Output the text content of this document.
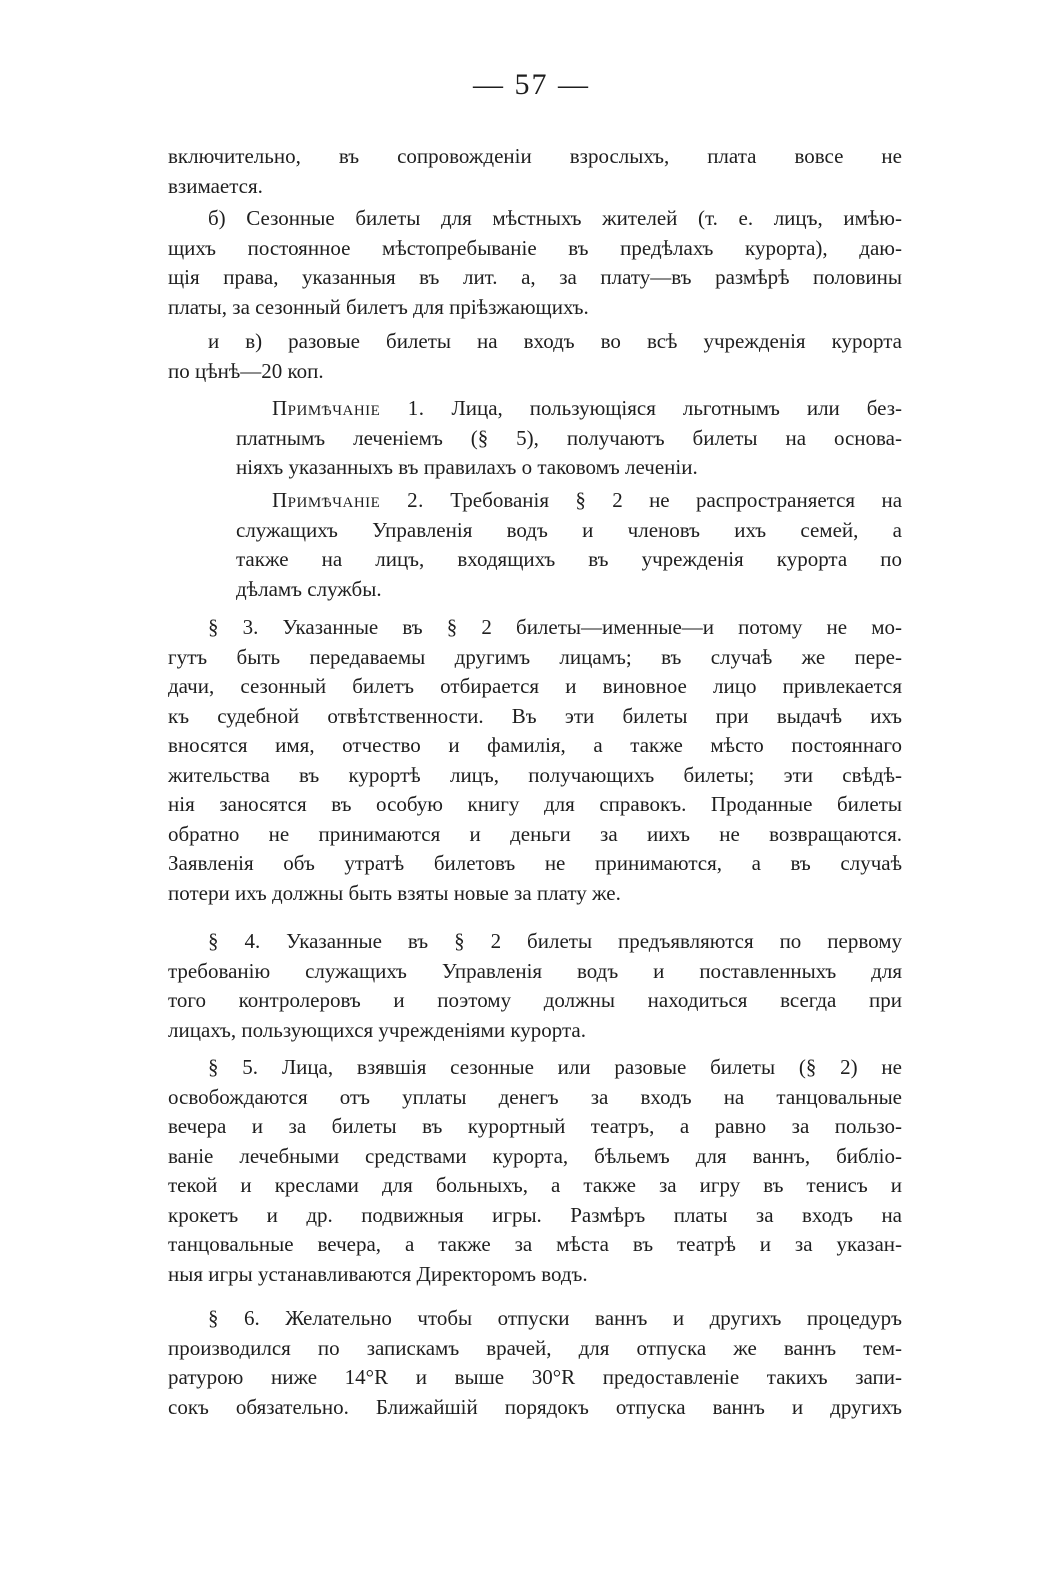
— 57 —
включительно, въ сопровожденіи взрослыхъ, плата вовсе не
взимается.
б) Сезонные билеты для мѣстныхъ жителей (т. е. лицъ, имѣю-
щихъ постоянное мѣстопребываніе въ предѣлахъ курорта), даю-
щія права, указанныя въ лит. а, за плату—въ размѣрѣ половины
платы, за сезонный билетъ для пріѣзжающихъ.
и в) разовые билеты на входъ во всѣ учрежденія курорта
по цѣнѣ—20 коп.
Примѣчаніе 1. Лица, пользующіяся льготнымъ или без-
платнымъ леченіемъ (§ 5), получаютъ билеты на основа-
ніяхъ указанныхъ въ правилахъ о таковомъ леченіи.
Примѣчаніе 2. Требованія § 2 не распространяется на
служащихъ Управленія водъ и членовъ ихъ семей, а
также на лицъ, входящихъ въ учрежденія курорта по
дѣламъ службы.
§ 3. Указанные въ § 2 билеты—именные—и потому не мо-
гутъ быть передаваемы другимъ лицамъ; въ случаѣ же пере-
дачи, сезонный билетъ отбирается и виновное лицо привлекается
къ судебной отвѣтственности. Въ эти билеты при выдачѣ ихъ
вносятся имя, отчество и фамилія, а также мѣсто постояннаго
жительства въ курортѣ лицъ, получающихъ билеты; эти свѣдѣ-
нія заносятся въ особую книгу для справокъ. Проданные билеты
обратно не принимаются и деньги за иихъ не возвращаются.
Заявленія объ утратѣ билетовъ не принимаются, а въ случаѣ
потери ихъ должны быть взяты новые за плату же.
§ 4. Указанные въ § 2 билеты предъявляются по первому
требованію служащихъ Управленія водъ и поставленныхъ для
того контролеровъ и поэтому должны находиться всегда при
лицахъ, пользующихся учрежденіями курорта.
§ 5. Лица, взявшія сезонные или разовые билеты (§ 2) не
освобождаются отъ уплаты денегъ за входъ на танцовальные
вечера и за билеты въ курортный театръ, а равно за пользо-
ваніе лечебными средствами курорта, бѣльемъ для ваннъ, библіо-
текой и креслами для больныхъ, а также за игру въ тенисъ и
крокетъ и др. подвижныя игры. Размѣръ платы за входъ на
танцовальные вечера, а также за мѣста въ театрѣ и за указан-
ныя игры устанавливаются Директоромъ водъ.
§ 6. Желательно чтобы отпуски ваннъ и другихъ процедуръ
производился по запискамъ врачей, для отпуска же ваннъ тем-
ратурою ниже 14°R и выше 30°R предоставленіе такихъ запи-
сокъ обязательно. Ближайшій порядокъ отпуска ваннъ и другихъ
